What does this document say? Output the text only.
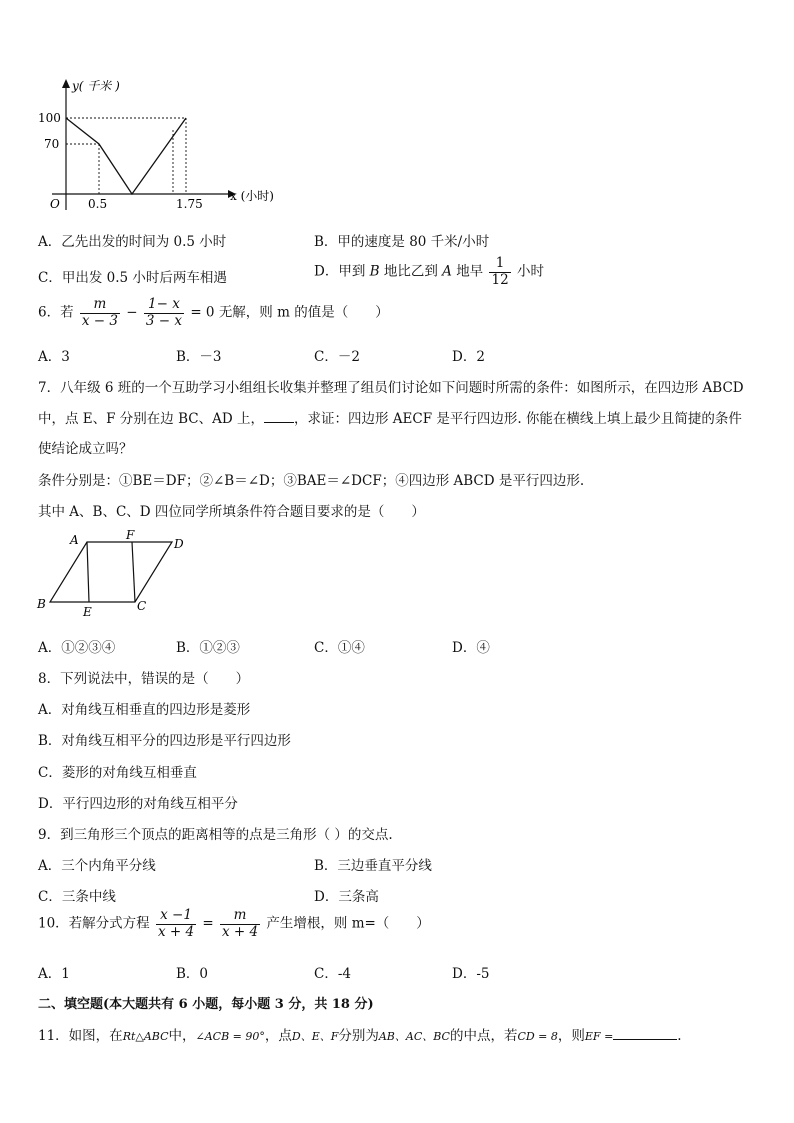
y( 千米 )
x (小时)
O
100
70
0.5	1.75
A．乙先出发的时间为 0.5 小时	B．甲的速度是 80 千米/小时
C．甲出发 0.5 小时后两车相遇	D．甲到 B 地比乙到 A 地早 $\frac{1}{12}$ 小时
6．若 $\frac{m}{x - 3} - \frac{1- x}{3 - x} = 0$ 无解，则 m 的值是（　　）
A．3	B．－3	C．－2	D．2
7．八年级 6 班的一个互助学习小组组长收集并整理了组员们讨论如下问题时所需的条件：如图所示，在四边形 ABCD
中，点 E、F 分别在边 BC、AD 上， ，求证：四边形 AECF 是平行四边形. 你能在横线上填上最少且简捷的条件
使结论成立吗？
条件分别是：①BE＝DF；②∠B＝∠D；③BAE＝∠DCF；④四边形 ABCD 是平行四边形.
其中 A、B、C、D 四位同学所填条件符合题目要求的是（　　）
A	F
D
B
E	C
A．①②③④	B．①②③	C．①④	D．④
8．下列说法中，错误的是（　　）
A．对角线互相垂直的四边形是菱形
B．对角线互相平分的四边形是平行四边形
C．菱形的对角线互相垂直
D．平行四边形的对角线互相平分
9．到三角形三个顶点的距离相等的点是三角形（ ）的交点.
A．三个内角平分线	B．三边垂直平分线
C．三条中线	D．三条高
10．若解分式方程 $\frac{x -1}{x + 4} = \frac{m}{x + 4}$ 产生增根，则 m=（　　）
A．1	B．0	C．-4	D．-5
二、填空题(本大题共有 6 小题，每小题 3 分，共 18 分)
11．如图，在Rt△ABC中，∠ACB = 90°，点D、E、F分别为AB、AC、BC的中点，若CD = 8，则EF =	.
